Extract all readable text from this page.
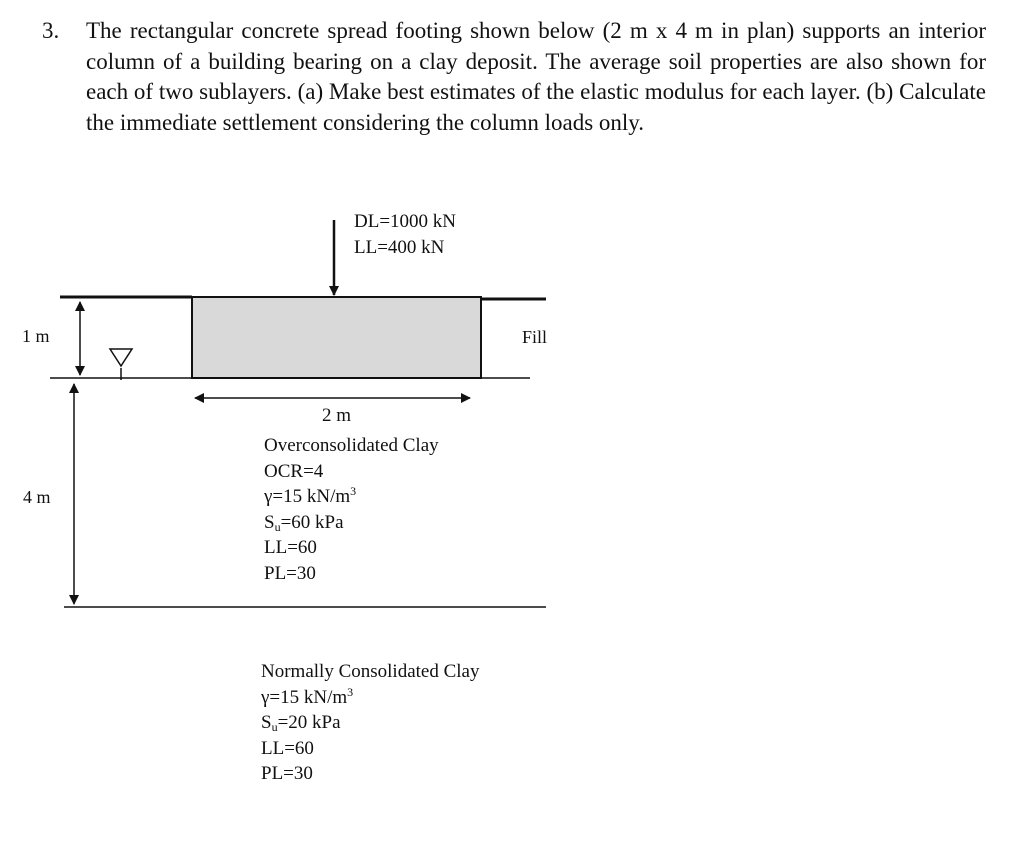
3. The rectangular concrete spread footing shown below (2 m x 4 m in plan) supports an interior column of a building bearing on a clay deposit. The average soil properties are also shown for each of two sublayers. (a) Make best estimates of the elastic modulus for each layer. (b) Calculate the immediate settlement considering the column loads only.
DL=1000 kN
LL=400 kN
1 m
4 m
Fill
2 m
Overconsolidated Clay
OCR=4
γ=15 $kN/m^3$
$S_u=60$ kPa
LL=60
PL=30
Normally Consolidated Clay
γ=15 $kN/m^3$
$S_u=20$ kPa
LL=60
PL=30
